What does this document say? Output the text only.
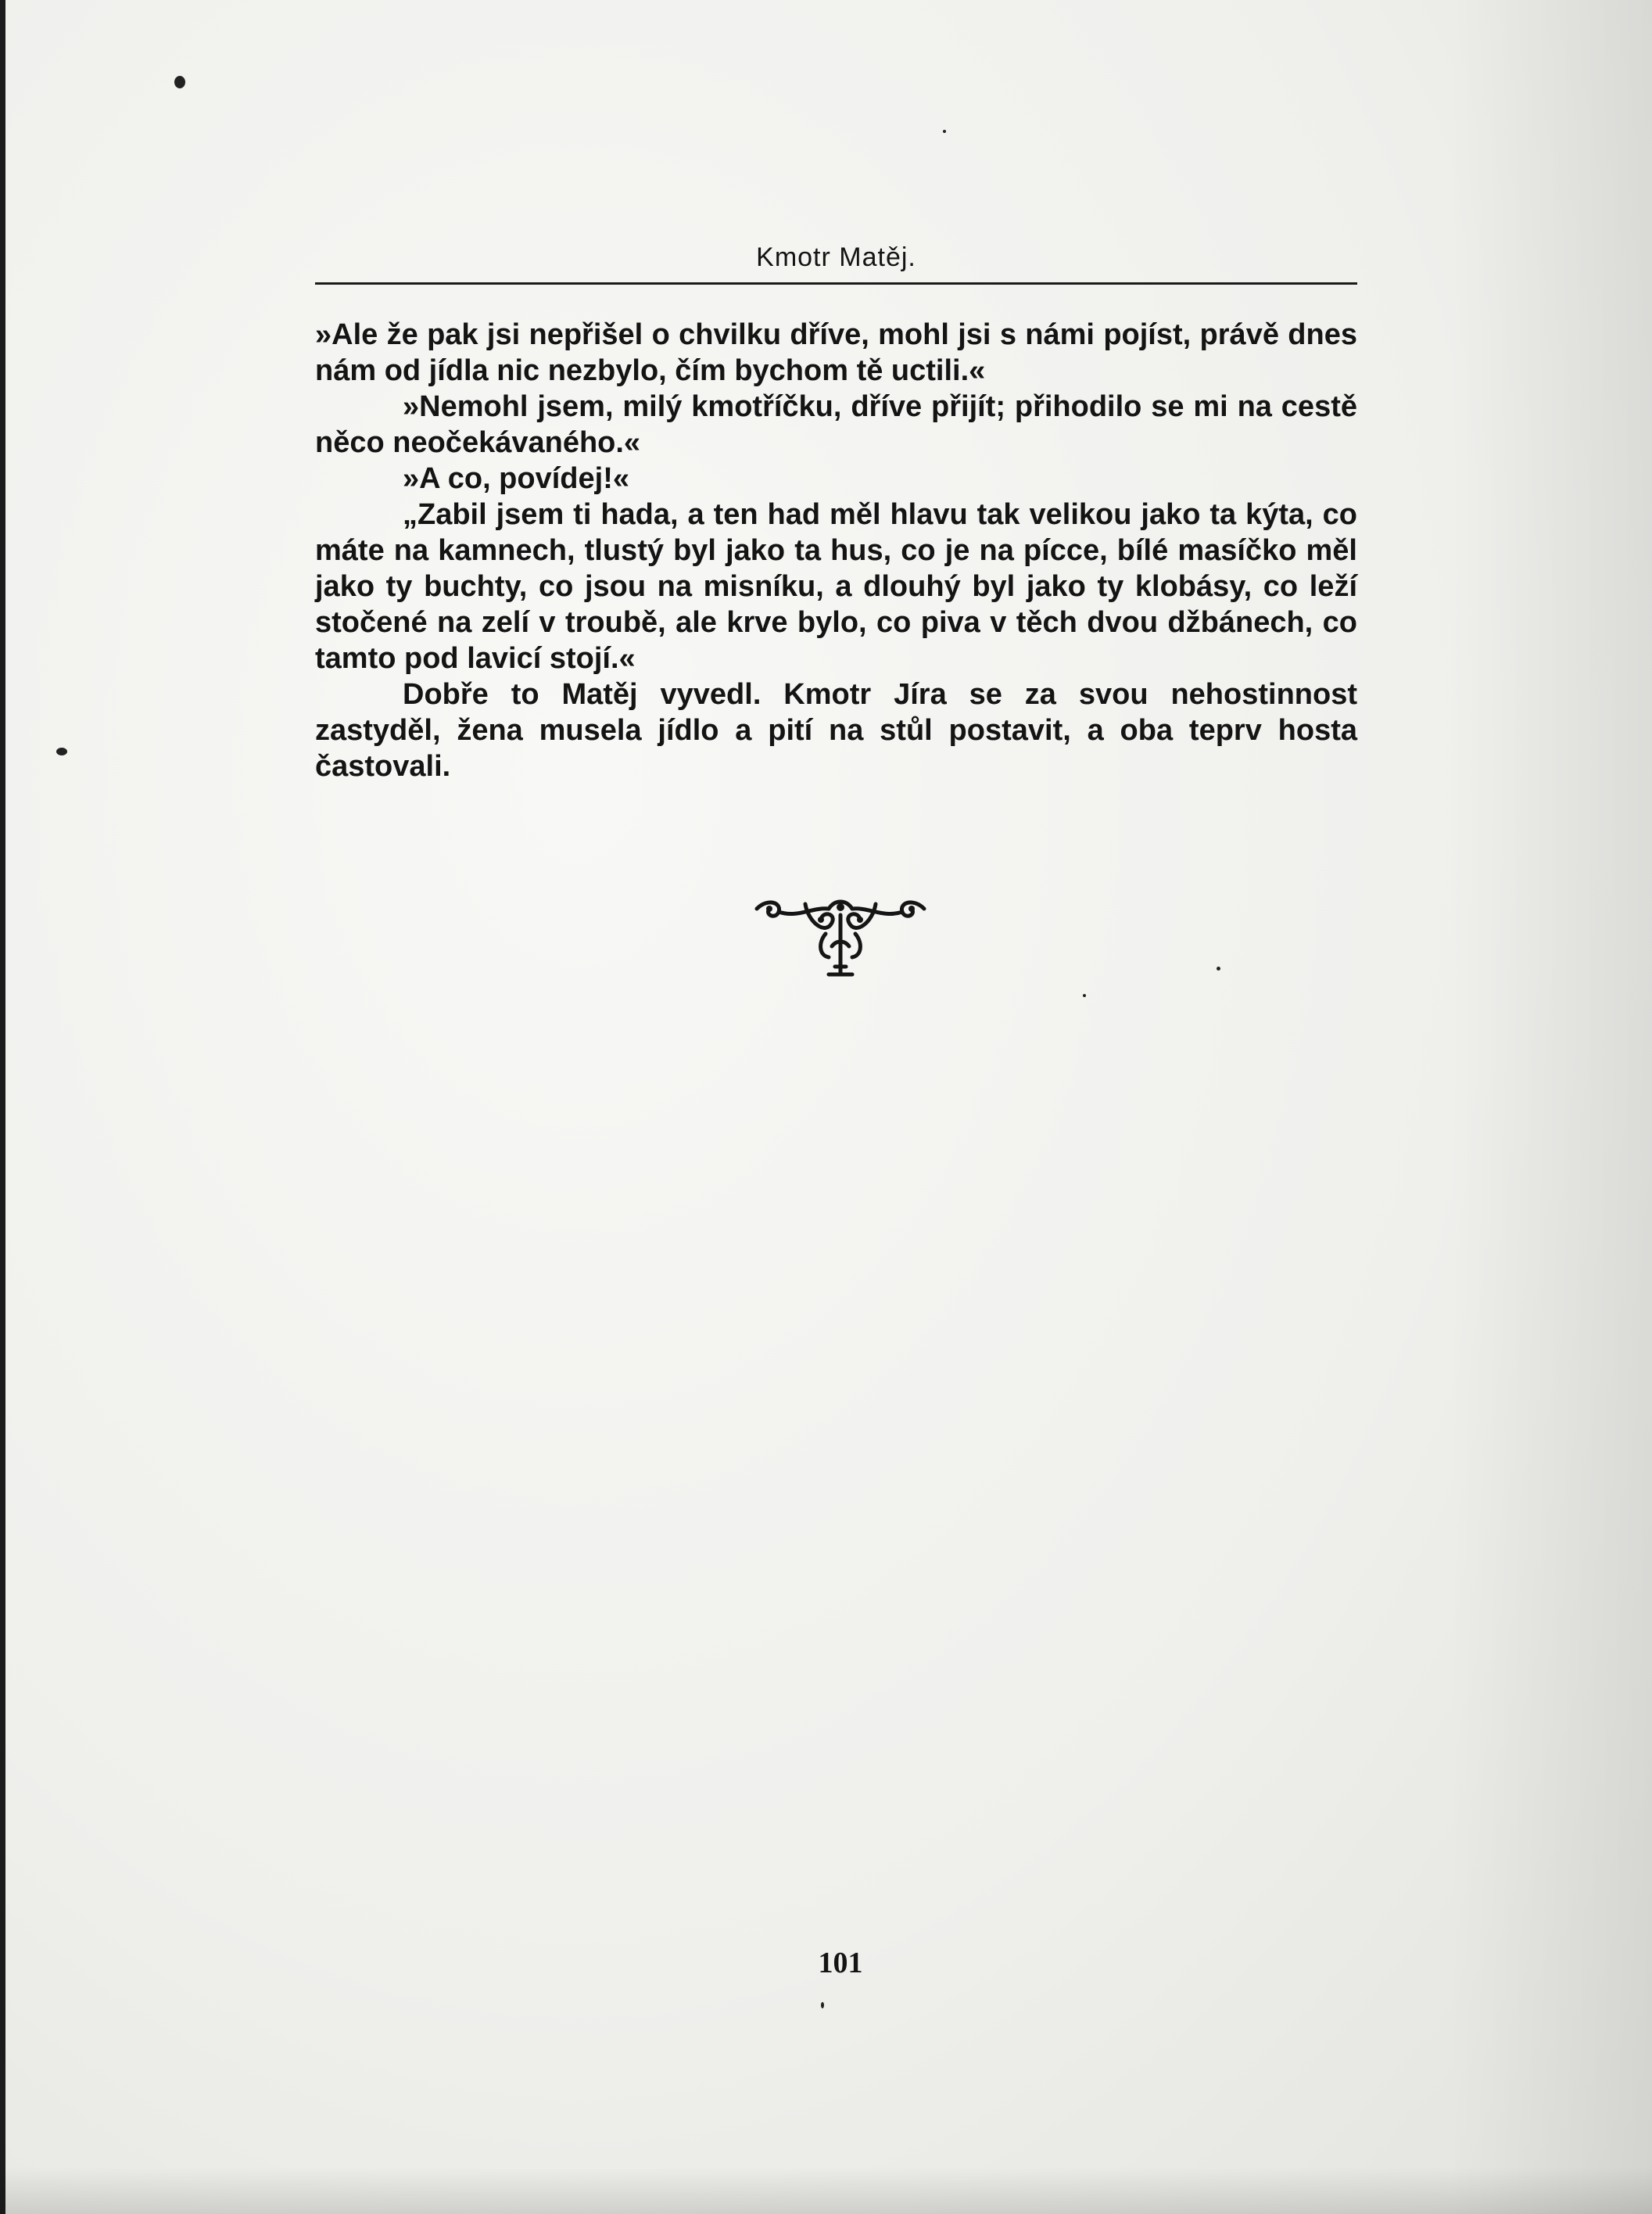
Kmotr Matěj.

»Ale že pak jsi nepřišel o chvilku dříve, mohl jsi s námi pojíst, právě dnes nám od jídla nic nezbylo, čím bychom tě uctili.«

»Nemohl jsem, milý kmotříčku, dříve přijít; přihodilo se mi na cestě něco neočekávaného.«

»A co, povídej!«

„Zabil jsem ti hada, a ten had měl hlavu tak velikou jako ta kýta, co máte na kamnech, tlustý byl jako ta hus, co je na pícce, bílé masíčko měl jako ty buchty, co jsou na misníku, a dlouhý byl jako ty klobásy, co leží stočené na zelí v troubě, ale krve bylo, co piva v těch dvou džbánech, co tamto pod lavicí stojí.«

Dobře to Matěj vyvedl. Kmotr Jíra se za svou nehostinnost zastyděl, žena musela jídlo a pití na stůl postavit, a oba teprv hosta častovali.

101
